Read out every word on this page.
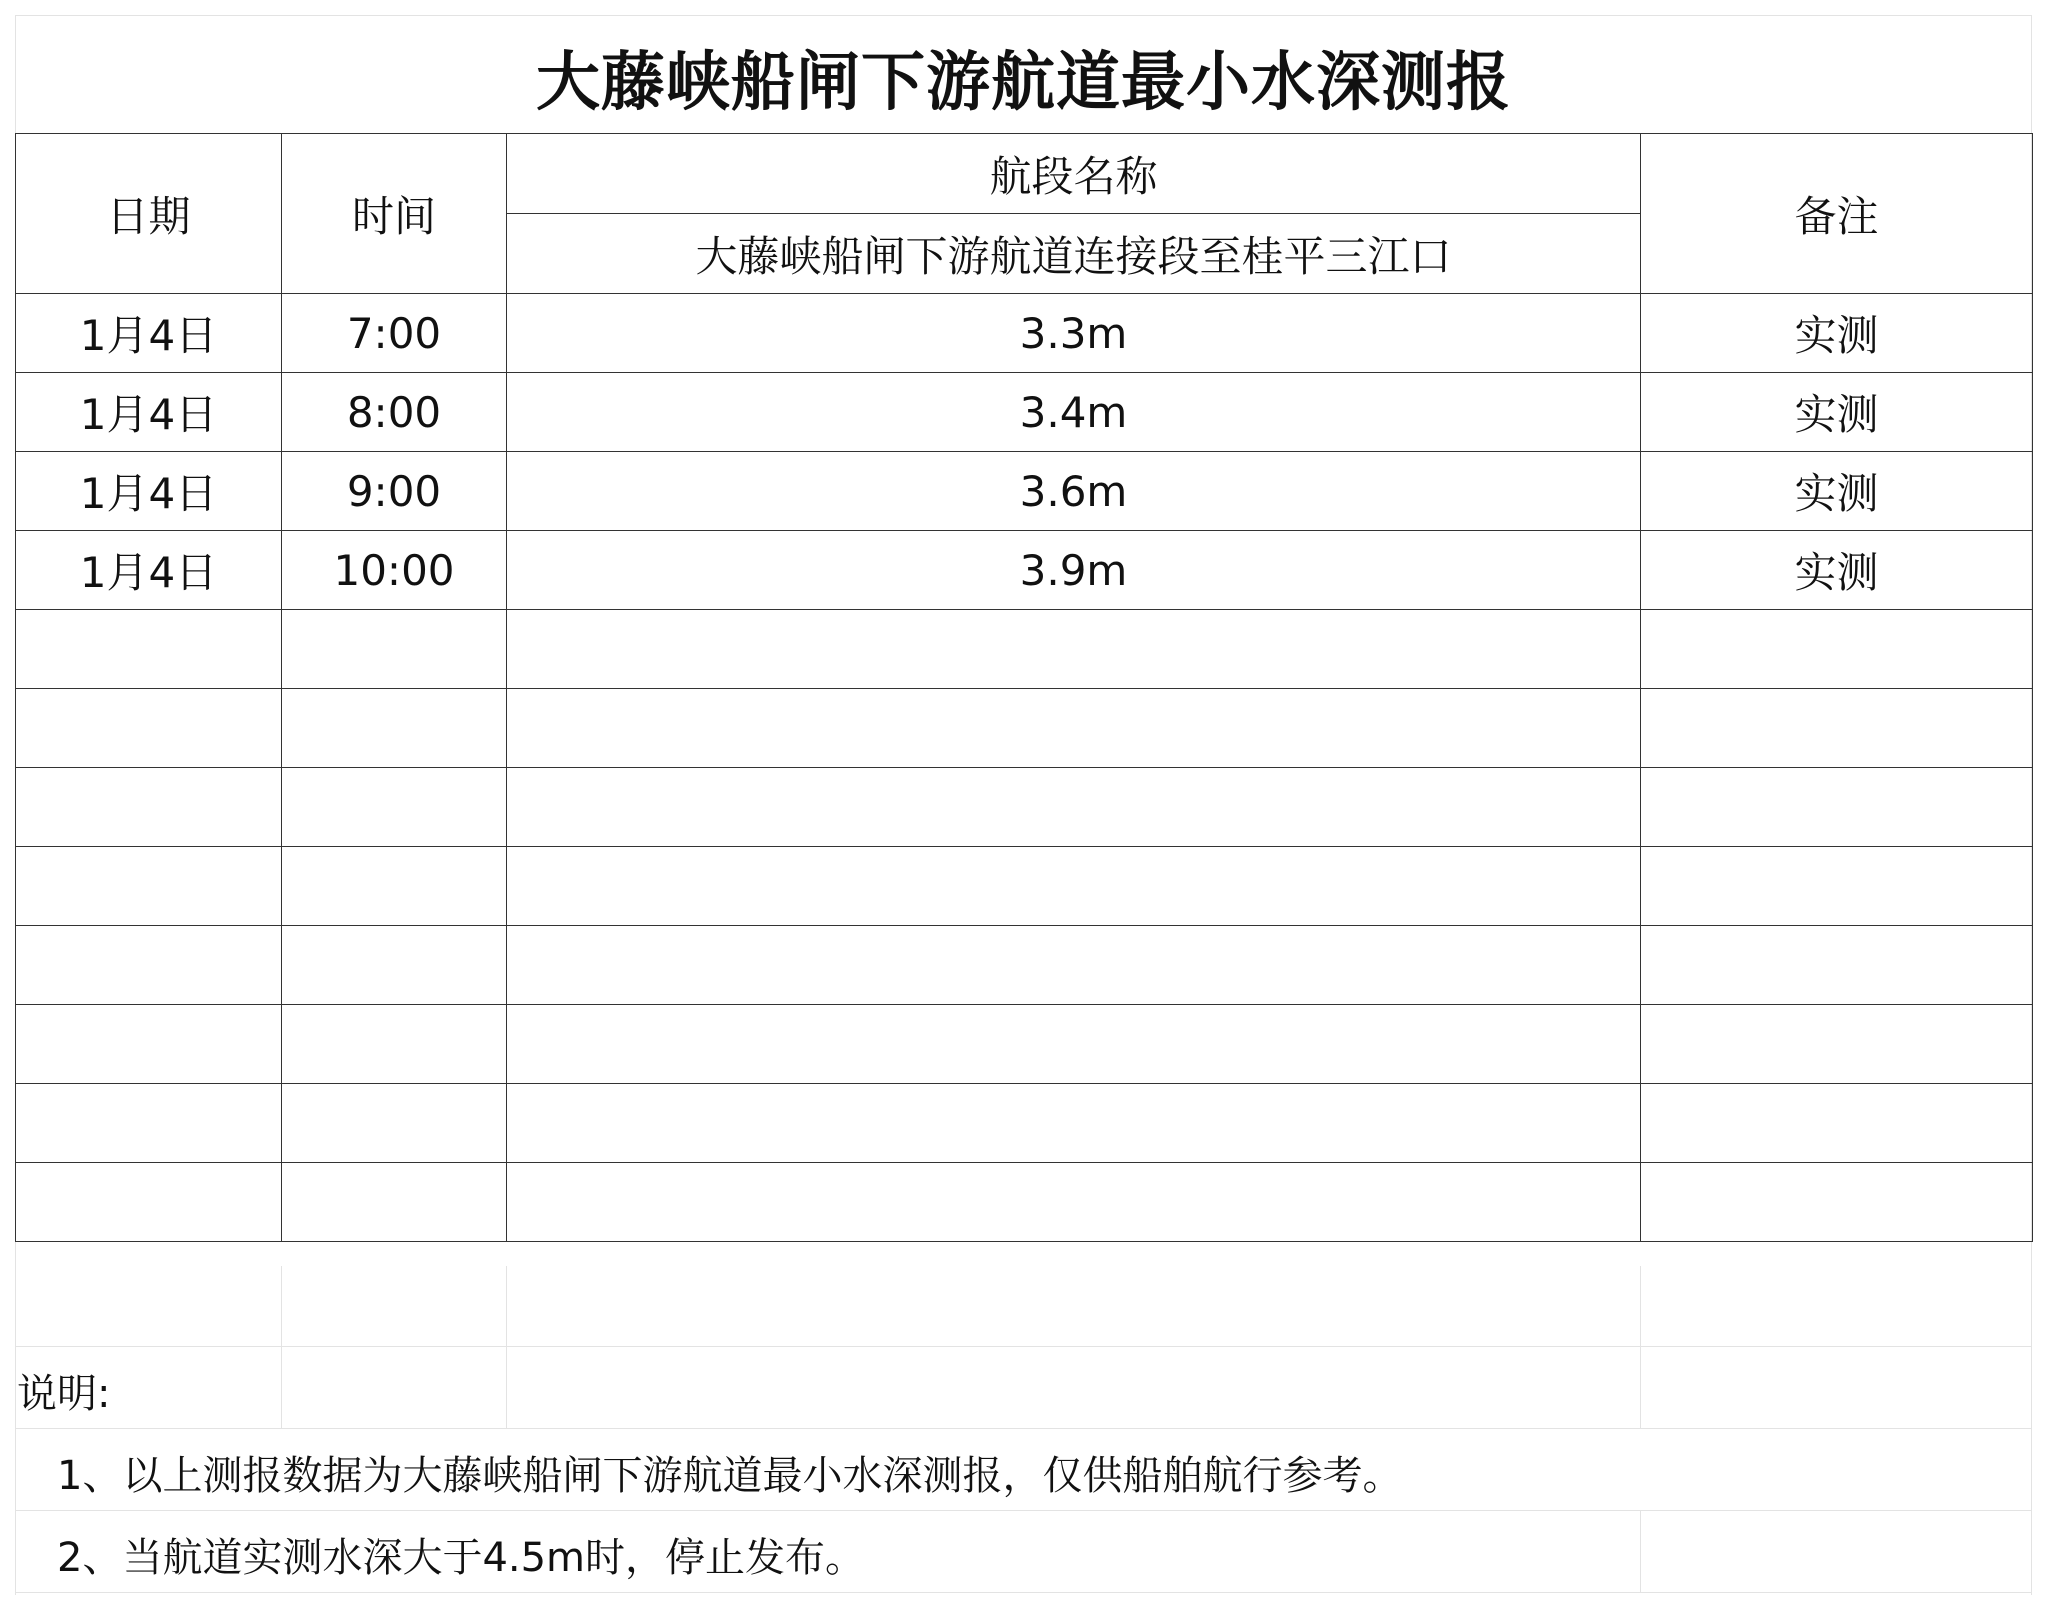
大藤峡船闸下游航道最小水深测报
日期	时间	航段名称	备注
		大藤峡船闸下游航道连接段至桂平三江口	
1月4日	7:00	3.3m	实测
1月4日	8:00	3.4m	实测
1月4日	9:00	3.6m	实测
1月4日	10:00	3.9m	实测

说明:
1、以上测报数据为大藤峡船闸下游航道最小水深测报，仅供船舶航行参考。
2、当航道实测水深大于4.5m时，停止发布。
